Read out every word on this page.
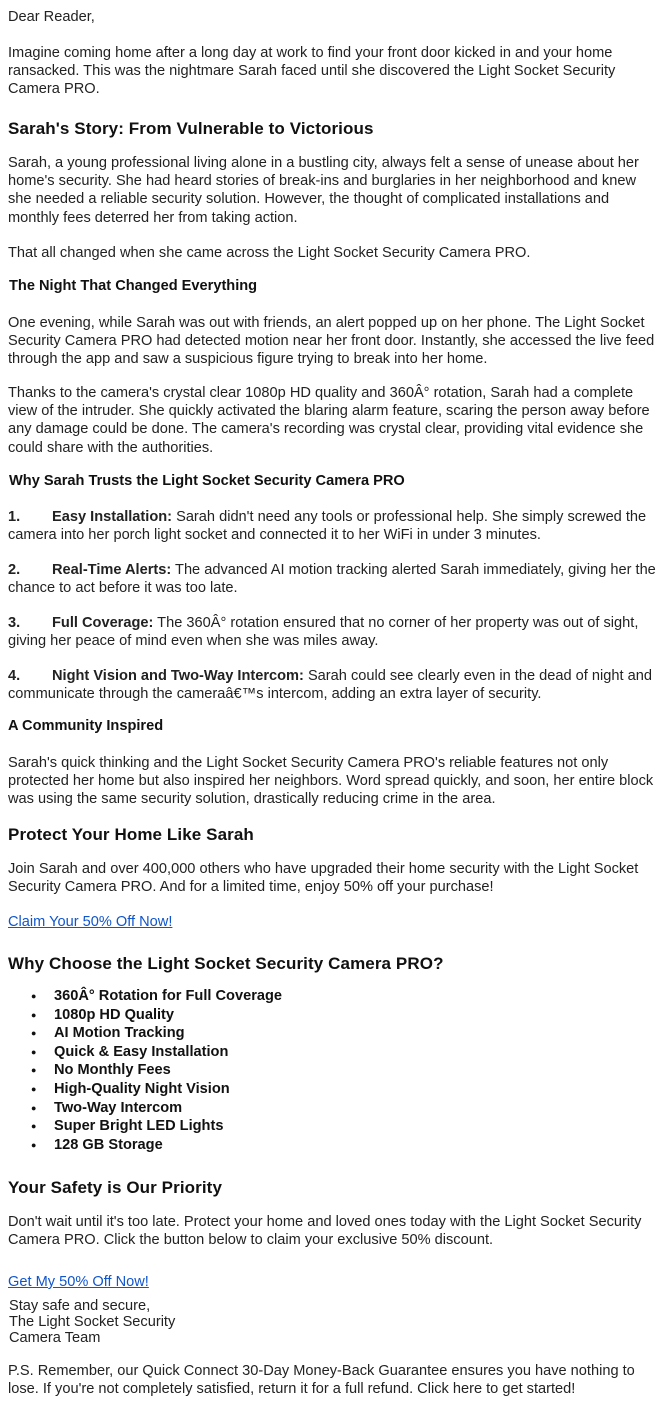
Dear Reader,

Imagine coming home after a long day at work to find your front door kicked in and your home ransacked. This was the nightmare Sarah faced until she discovered the Light Socket Security Camera PRO.

Sarah's Story: From Vulnerable to Victorious

Sarah, a young professional living alone in a bustling city, always felt a sense of unease about her home's security. She had heard stories of break-ins and burglaries in her neighborhood and knew she needed a reliable security solution. However, the thought of complicated installations and monthly fees deterred her from taking action.

That all changed when she came across the Light Socket Security Camera PRO.

The Night That Changed Everything

One evening, while Sarah was out with friends, an alert popped up on her phone. The Light Socket Security Camera PRO had detected motion near her front door. Instantly, she accessed the live feed through the app and saw a suspicious figure trying to break into her home.

Thanks to the camera's crystal clear 1080p HD quality and 360Â° rotation, Sarah had a complete view of the intruder. She quickly activated the blaring alarm feature, scaring the person away before any damage could be done. The camera's recording was crystal clear, providing vital evidence she could share with the authorities.

Why Sarah Trusts the Light Socket Security Camera PRO

1. Easy Installation: Sarah didn't need any tools or professional help. She simply screwed the camera into her porch light socket and connected it to her WiFi in under 3 minutes.

2. Real-Time Alerts: The advanced AI motion tracking alerted Sarah immediately, giving her the chance to act before it was too late.

3. Full Coverage: The 360Â° rotation ensured that no corner of her property was out of sight, giving her peace of mind even when she was miles away.

4. Night Vision and Two-Way Intercom: Sarah could see clearly even in the dead of night and communicate through the cameraâ€™s intercom, adding an extra layer of security.

A Community Inspired

Sarah's quick thinking and the Light Socket Security Camera PRO's reliable features not only protected her home but also inspired her neighbors. Word spread quickly, and soon, her entire block was using the same security solution, drastically reducing crime in the area.

Protect Your Home Like Sarah

Join Sarah and over 400,000 others who have upgraded their home security with the Light Socket Security Camera PRO. And for a limited time, enjoy 50% off your purchase!

Claim Your 50% Off Now!

Why Choose the Light Socket Security Camera PRO?
● 360Â° Rotation for Full Coverage
● 1080p HD Quality
● AI Motion Tracking
● Quick & Easy Installation
● No Monthly Fees
● High-Quality Night Vision
● Two-Way Intercom
● Super Bright LED Lights
● 128 GB Storage
Your Safety is Our Priority

Don't wait until it's too late. Protect your home and loved ones today with the Light Socket Security Camera PRO. Click the button below to claim your exclusive 50% discount.

Get My 50% Off Now!

Stay safe and secure,

The Light Socket Security

Camera Team

P.S. Remember, our Quick Connect 30-Day Money-Back Guarantee ensures you have nothing to lose. If you're not completely satisfied, return it for a full refund. Click here to get started!
